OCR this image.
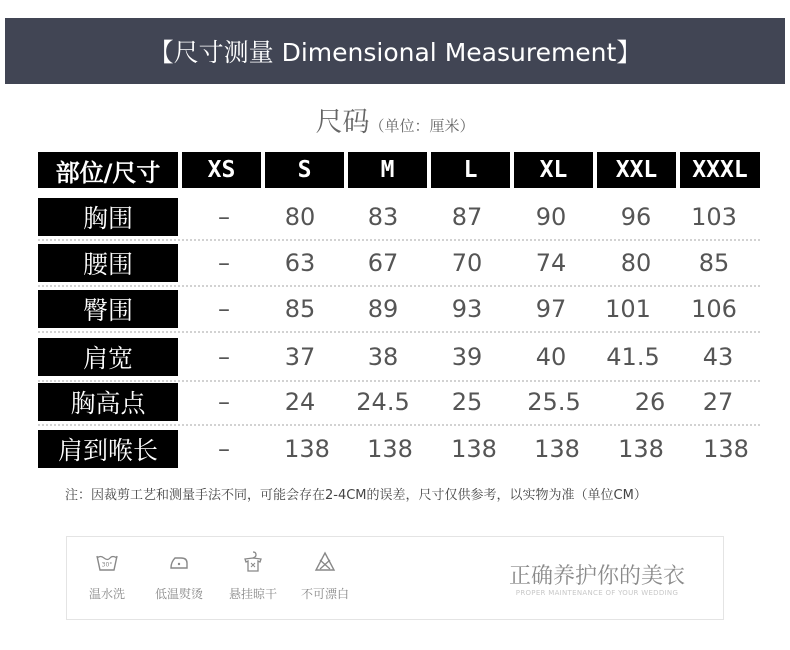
【尺寸测量 Dimensional Measurement】
尺码（单位：厘米）
部位/尺寸	XS	S	M	L	XL	XXL	XXXL
胸围	–	80	83	87	90	96	103
腰围	–	63	67	70	74	80	85
臀围	–	85	89	93	97	101	106
肩宽	–	37	38	39	40	41.5	43
胸高点	–	24	24.5	25	25.5	26	27
肩到喉长	–	138	138	138	138	138	138
注：因裁剪工艺和测量手法不同，可能会存在2-4CM的误差，尺寸仅供参考，以实物为准（单位CM）
30°
温水洗	低温熨烫	悬挂晾干	不可漂白
正确养护你的美衣
PROPER MAINTENANCE OF YOUR WEDDING
